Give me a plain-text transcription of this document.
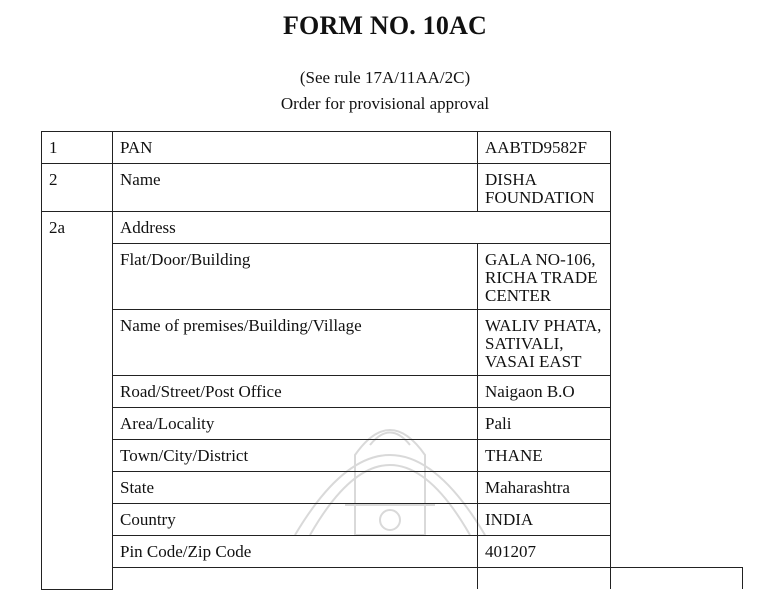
FORM NO. 10AC
(See rule 17A/11AA/2C)
Order for provisional approval
1	PAN	AABTD9582F	
2	Name	DISHA FOUNDATION	
2a	Address		
	Flat/Door/Building	GALA NO-106, RICHA TRADE CENTER	
	Name of premises/Building/Village	WALIV PHATA, SATIVALI, VASAI EAST	
	Road/Street/Post Office	Naigaon B.O	
	Area/Locality	Pali	
	Town/City/District	THANE	
	State	Maharashtra	
	Country	INDIA	
	Pin Code/Zip Code	401207	
